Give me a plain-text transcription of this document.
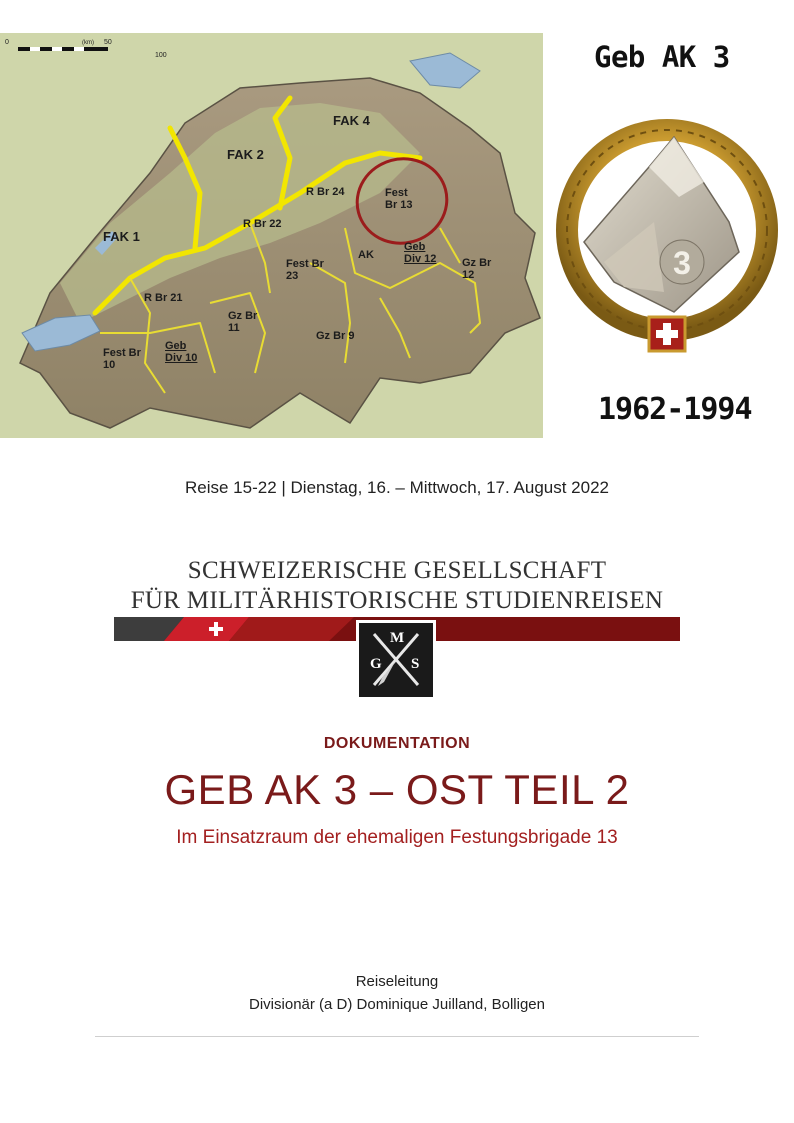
0	(km) 50
100
FAK 4
FAK 2
FAK 1
R Br 24	Fest
Br 13
R Br 22
Geb
Div 12
Fest Br
23
AK
Gz Br
12
R Br 21
Gz Br
11
Fest Br
10
Geb
Div 10
Gz Br 9
Geb AK 3
3
1962-1994
Reise 15-22 | Dienstag, 16. – Mittwoch, 17. August 2022
SCHWEIZERISCHE GESELLSCHAFT
FÜR MILITÄRHISTORISCHE STUDIENREISEN
G
M
S
DOKUMENTATION
GEB AK 3 – OST TEIL 2
Im Einsatzraum der ehemaligen Festungsbrigade 13
Reiseleitung
Divisionär (a D) Dominique Juilland, Bolligen
